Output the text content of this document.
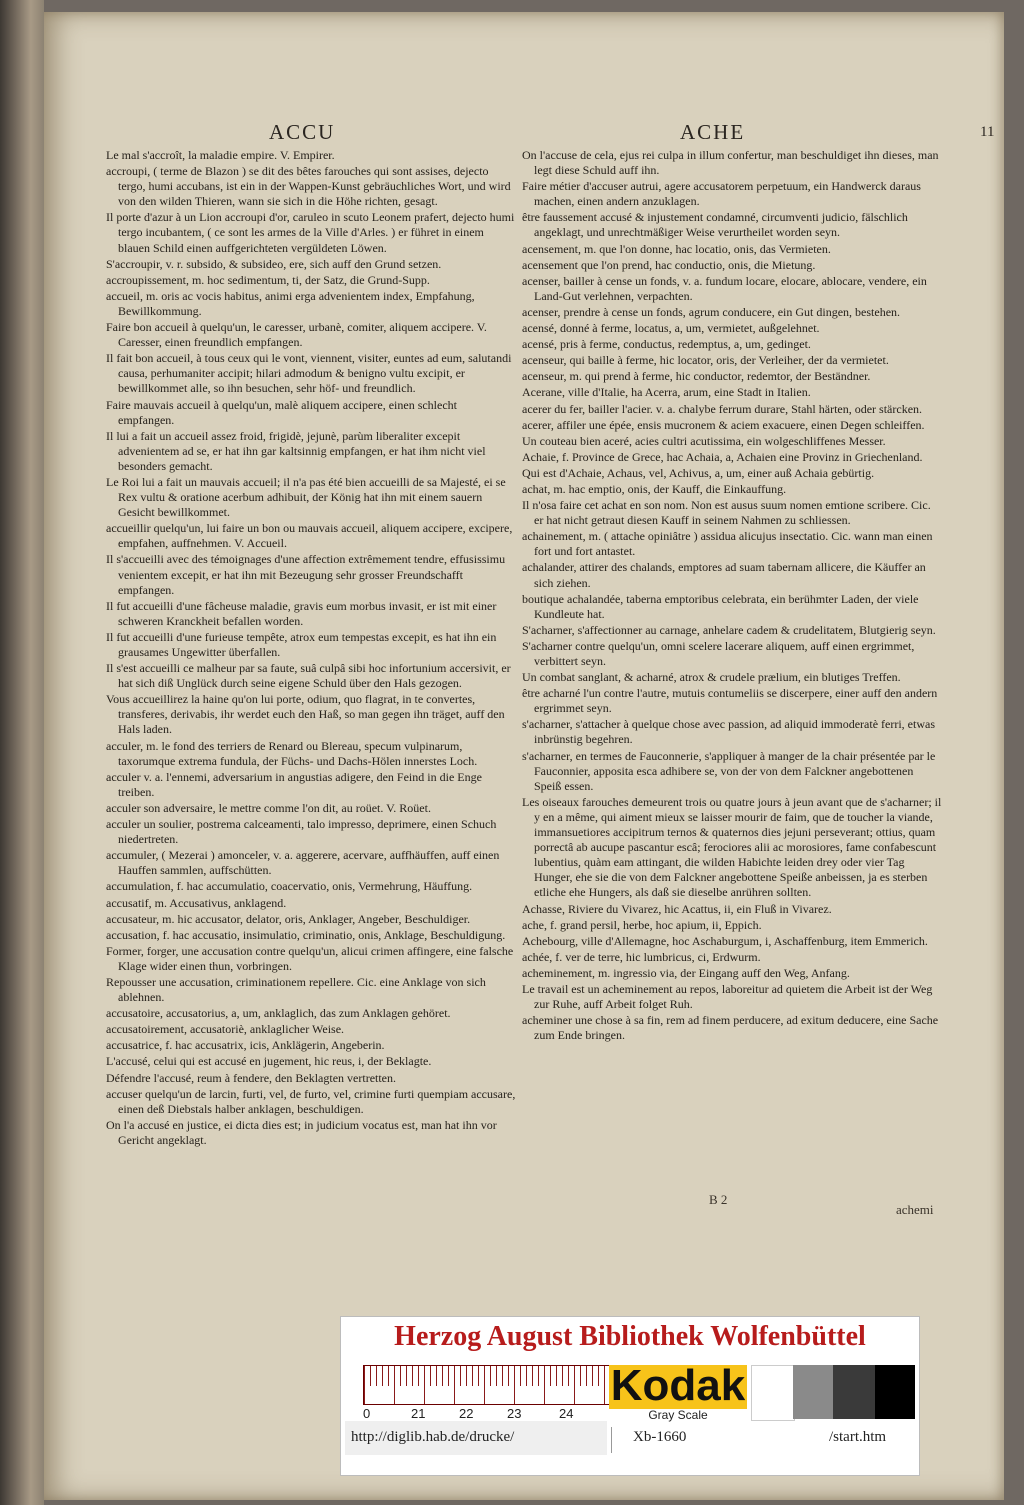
ACCU	ACHE	11
Le mal s'accroît, la maladie empire. V. Empirer.
accroupi, ( terme de Blazon ) se dit des bêtes farouches qui sont assises, dejecto tergo, humi accubans, ist ein in der Wappen-Kunst gebräuchliches Wort, und wird von den wilden Thieren, wann sie sich in die Höhe richten, gesagt.
Il porte d'azur à un Lion accroupi d'or, caruleo in scuto Leonem prafert, dejecto humi tergo incubantem, ( ce sont les armes de la Ville d'Arles. ) er führet in einem blauen Schild einen auffgerichteten vergüldeten Löwen.
S'accroupir, v. r. subsido, & subsideo, ere, sich auff den Grund setzen.
accroupissement, m. hoc sedimentum, ti, der Satz, die Grund-Supp.
accueil, m. oris ac vocis habitus, animi erga advenientem index, Empfahung, Bewillkommung.
Faire bon accueil à quelqu'un, le caresser, urbanè, comiter, aliquem accipere. V. Caresser, einen freundlich empfangen.
Il fait bon accueil, à tous ceux qui le vont, viennent, visiter, euntes ad eum, salutandi causa, perhumaniter accipit; hilari admodum & benigno vultu excipit, er bewillkommet alle, so ihn besuchen, sehr höf- und freundlich.
Faire mauvais accueil à quelqu'un, malè aliquem accipere, einen schlecht empfangen.
Il lui a fait un accueil assez froid, frigidè, jejunè, parùm liberaliter excepit advenientem ad se, er hat ihn gar kaltsinnig empfangen, er hat ihm nicht viel besonders gemacht.
Le Roi lui a fait un mauvais accueil; il n'a pas été bien accueilli de sa Majesté, ei se Rex vultu & oratione acerbum adhibuit, der König hat ihn mit einem sauern Gesicht bewillkommet.
accueillir quelqu'un, lui faire un bon ou mauvais accueil, aliquem accipere, excipere, empfahen, auffnehmen. V. Accueil.
Il s'accueilli avec des témoignages d'une affection extrêmement tendre, effusissimu venientem excepit, er hat ihn mit Bezeugung sehr grosser Freundschafft empfangen.
Il fut accueilli d'une fâcheuse maladie, gravis eum morbus invasit, er ist mit einer schweren Kranckheit befallen worden.
Il fut accueilli d'une furieuse tempête, atrox eum tempestas excepit, es hat ihn ein grausames Ungewitter überfallen.
Il s'est accueilli ce malheur par sa faute, suâ culpâ sibi hoc infortunium accersivit, er hat sich diß Unglück durch seine eigene Schuld über den Hals gezogen.
Vous accueillirez la haine qu'on lui porte, odium, quo flagrat, in te convertes, transferes, derivabis, ihr werdet euch den Haß, so man gegen ihn träget, auff den Hals laden.
acculer, m. le fond des terriers de Renard ou Blereau, specum vulpinarum, taxorumque extrema fundula, der Füchs- und Dachs-Hölen innerstes Loch.
acculer v. a. l'ennemi, adversarium in angustias adigere, den Feind in die Enge treiben.
acculer son adversaire, le mettre comme l'on dit, au roüet. V. Roüet.
acculer un soulier, postrema calceamenti, talo impresso, deprimere, einen Schuch niedertreten.
accumuler, ( Mezerai ) amonceler, v. a. aggerere, acervare, auffhäuffen, auff einen Hauffen sammlen, auffschütten.
accumulation, f. hac accumulatio, coacervatio, onis, Vermehrung, Häuffung.
accusatif, m. Accusativus, anklagend.
accusateur, m. hic accusator, delator, oris, Anklager, Angeber, Beschuldiger.
accusation, f. hac accusatio, insimulatio, criminatio, onis, Anklage, Beschuldigung.
Former, forger, une accusation contre quelqu'un, alicui crimen affingere, eine falsche Klage wider einen thun, vorbringen.
Repousser une accusation, criminationem repellere. Cic. eine Anklage von sich ablehnen.
accusatoire, accusatorius, a, um, anklaglich, das zum Anklagen gehöret.
accusatoirement, accusatoriè, anklaglicher Weise.
accusatrice, f. hac accusatrix, icis, Anklägerin, Angeberin.
L'accusé, celui qui est accusé en jugement, hic reus, i, der Beklagte.
Défendre l'accusé, reum à fendere, den Beklagten vertretten.
accuser quelqu'un de larcin, furti, vel, de furto, vel, crimine furti quempiam accusare, einen deß Diebstals halber anklagen, beschuldigen.
On l'a accusé en justice, ei dicta dies est; in judicium vocatus est, man hat ihn vor Gericht angeklagt.
On l'accuse de cela, ejus rei culpa in illum confertur, man beschuldiget ihn dieses, man legt diese Schuld auff ihn.
Faire métier d'accuser autrui, agere accusatorem perpetuum, ein Handwerck daraus machen, einen andern anzuklagen.
être faussement accusé & injustement condamné, circumventi judicio, fälschlich angeklagt, und unrechtmäßiger Weise verurtheilet worden seyn.
acensement, m. que l'on donne, hac locatio, onis, das Vermieten.
acensement que l'on prend, hac conductio, onis, die Mietung.
acenser, bailler à cense un fonds, v. a. fundum locare, elocare, ablocare, vendere, ein Land-Gut verlehnen, verpachten.
acenser, prendre à cense un fonds, agrum conducere, ein Gut dingen, bestehen.
acensé, donné à ferme, locatus, a, um, vermietet, außgelehnet.
acensé, pris à ferme, conductus, redemptus, a, um, gedinget.
acenseur, qui baille à ferme, hic locator, oris, der Verleiher, der da vermietet.
acenseur, m. qui prend à ferme, hic conductor, redemtor, der Beständner.
Acerane, ville d'Italie, ha Acerra, arum, eine Stadt in Italien.
acerer du fer, bailler l'acier. v. a. chalybe ferrum durare, Stahl härten, oder stärcken.
acerer, affiler une épée, ensis mucronem & aciem exacuere, einen Degen schleiffen.
Un couteau bien aceré, acies cultri acutissima, ein wolgeschliffenes Messer.
Achaie, f. Province de Grece, hac Achaia, a, Achaien eine Provinz in Griechenland.
Qui est d'Achaie, Achaus, vel, Achivus, a, um, einer auß Achaia gebürtig.
achat, m. hac emptio, onis, der Kauff, die Einkauffung.
Il n'osa faire cet achat en son nom. Non est ausus suum nomen emtione scribere. Cic. er hat nicht getraut diesen Kauff in seinem Nahmen zu schliessen.
achainement, m. ( attache opiniâtre ) assidua alicujus insectatio. Cic. wann man einen fort und fort antastet.
achalander, attirer des chalands, emptores ad suam tabernam allicere, die Käuffer an sich ziehen.
boutique achalandée, taberna emptoribus celebrata, ein berühmter Laden, der viele Kundleute hat.
S'acharner, s'affectionner au carnage, anhelare cadem & crudelitatem, Blutgierig seyn.
S'acharner contre quelqu'un, omni scelere lacerare aliquem, auff einen ergrimmet, verbittert seyn.
Un combat sanglant, & acharné, atrox & crudele prælium, ein blutiges Treffen.
être acharné l'un contre l'autre, mutuis contumeliis se discerpere, einer auff den andern ergrimmet seyn.
s'acharner, s'attacher à quelque chose avec passion, ad aliquid immoderatè ferri, etwas inbrünstig begehren.
s'acharner, en termes de Fauconnerie, s'appliquer à manger de la chair présentée par le Fauconnier, apposita esca adhibere se, von der von dem Falckner angebottenen Speiß essen.
Les oiseaux farouches demeurent trois ou quatre jours à jeun avant que de s'acharner; il y en a même, qui aiment mieux se laisser mourir de faim, que de toucher la viande, immansuetiores accipitrum ternos & quaternos dies jejuni perseverant; ottius, quam porrectâ ab aucupe pascantur escâ; ferociores alii ac morosiores, fame confabescunt lubentius, quàm eam attingant, die wilden Habichte leiden drey oder vier Tag Hunger, ehe sie die von dem Falckner angebottene Speiße anbeissen, ja es sterben etliche ehe Hungers, als daß sie dieselbe anrühren sollten.
Achasse, Riviere du Vivarez, hic Acattus, ii, ein Fluß in Vivarez.
ache, f. grand persil, herbe, hoc apium, ii, Eppich.
Achebourg, ville d'Allemagne, hoc Aschaburgum, i, Aschaffenburg, item Emmerich.
achée, f. ver de terre, hic lumbricus, ci, Erdwurm.
acheminement, m. ingressio via, der Eingang auff den Weg, Anfang.
Le travail est un acheminement au repos, laboreitur ad quietem die Arbeit ist der Weg zur Ruhe, auff Arbeit folget Ruh.
acheminer une chose à sa fin, rem ad finem perducere, ad exitum deducere, eine Sache zum Ende bringen.
B 2
achemi
Herzog August Bibliothek Wolfenbüttel
0	21	22	23	24
Kodak
Gray Scale
http://diglib.hab.de/drucke/	Xb-1660	/start.htm
